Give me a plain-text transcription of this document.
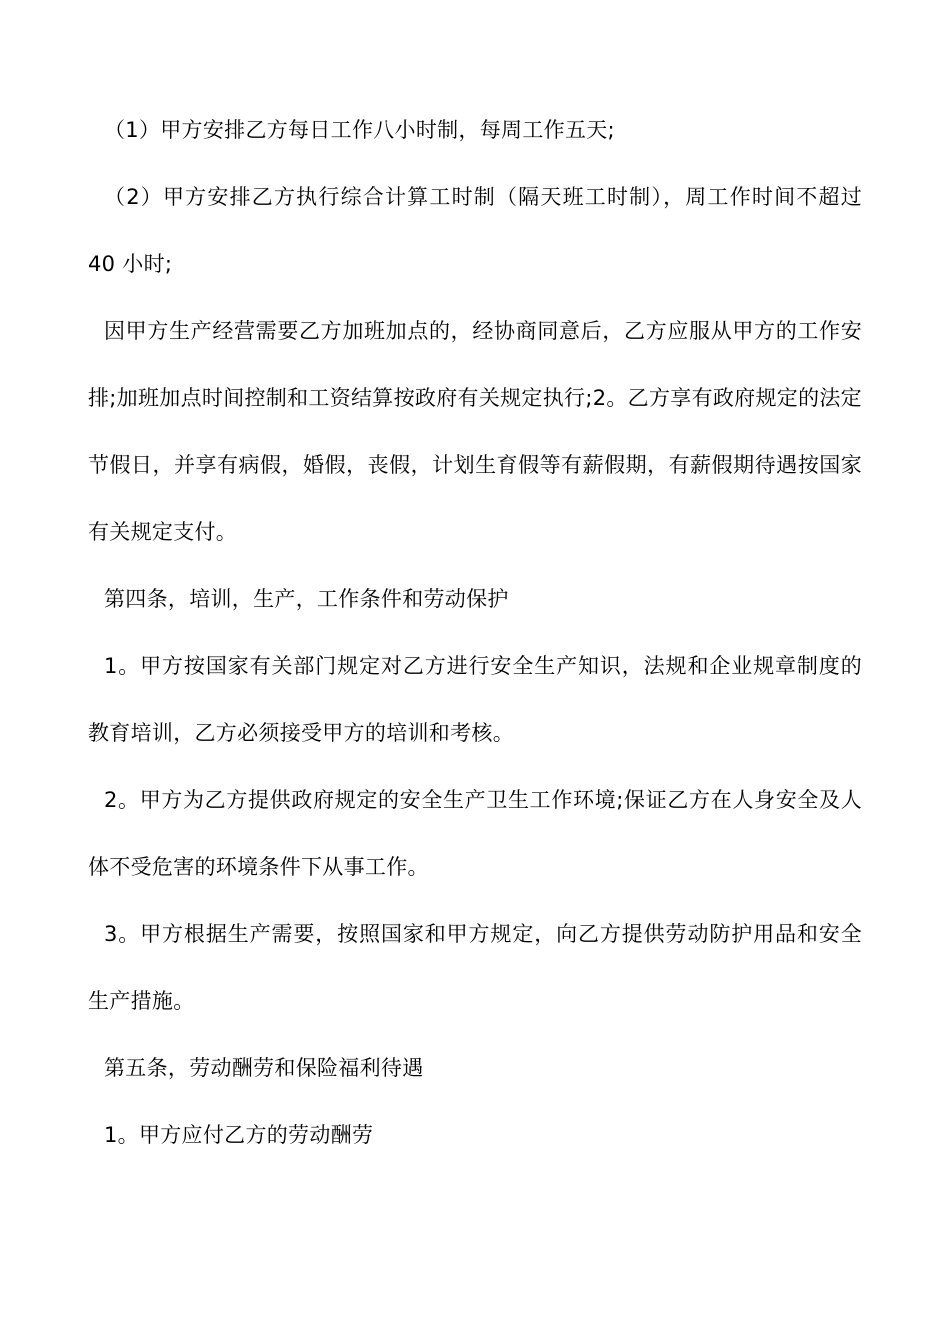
（1）甲方安排乙方每日工作八小时制，每周工作五天;

（2）甲方安排乙方执行综合计算工时制（隔天班工时制），周工作时间不超过 40 小时;

因甲方生产经营需要乙方加班加点的，经协商同意后，乙方应服从甲方的工作安排;加班加点时间控制和工资结算按政府有关规定执行;2。乙方享有政府规定的法定节假日，并享有病假，婚假，丧假，计划生育假等有薪假期，有薪假期待遇按国家有关规定支付。

第四条，培训，生产，工作条件和劳动保护

1。甲方按国家有关部门规定对乙方进行安全生产知识，法规和企业规章制度的教育培训，乙方必须接受甲方的培训和考核。

2。甲方为乙方提供政府规定的安全生产卫生工作环境;保证乙方在人身安全及人体不受危害的环境条件下从事工作。

3。甲方根据生产需要，按照国家和甲方规定，向乙方提供劳动防护用品和安全生产措施。

第五条，劳动酬劳和保险福利待遇

1。甲方应付乙方的劳动酬劳
